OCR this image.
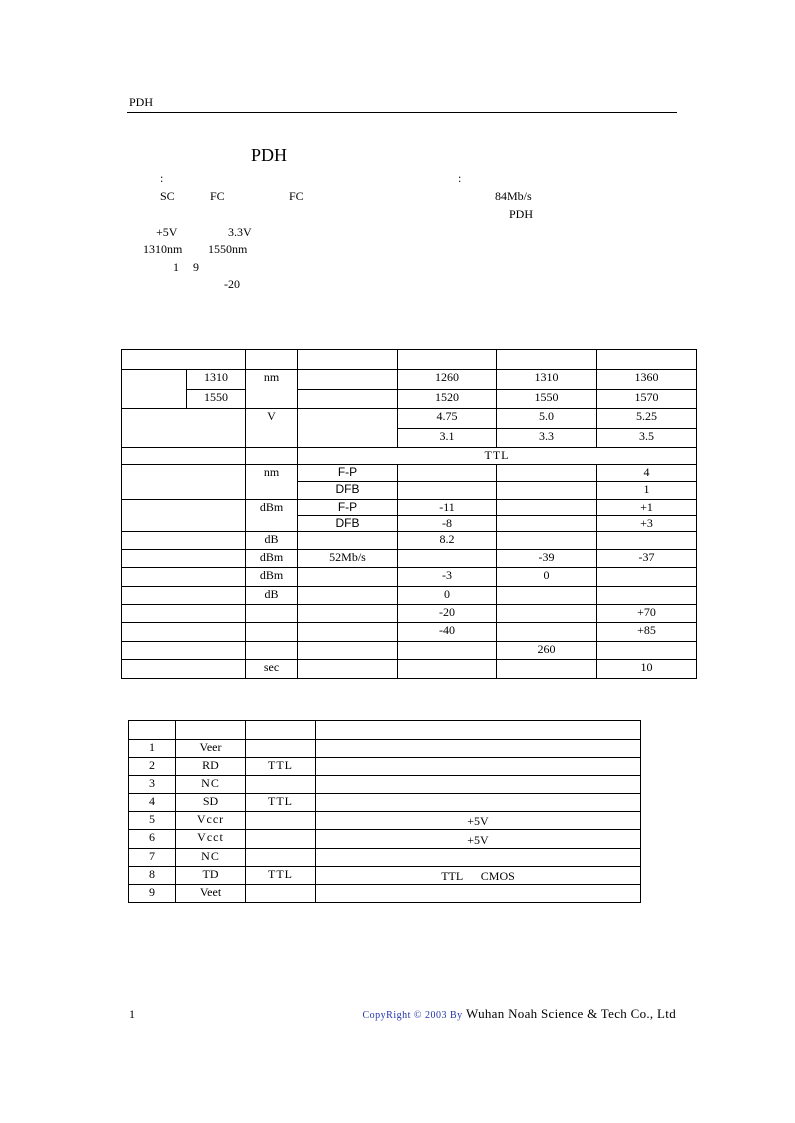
PDH
PDH
:	:
SC	FC	FC	84Mb/s
PDH
+5V	3.3V
1310nm 1550nm
1 9
-20

	1310	nm		1260	1310	1360
	1550			1520	1550	1570
		V		4.75	5.0	5.25
				3.1	3.3	3.5
			TTL			
		nm	F-P			4
			DFB			1
		dBm	F-P	-11		+1
			DFB	-8		+3
		dB		8.2		
		dBm	52Mb/s		-39	-37
		dBm		-3	0	
		dB		0		
				-20		+70
				-40		+85
					260	
		sec				10

1	Veer		
2	RD	TTL	
3	NC		
4	SD	TTL	
5	Vccr		+5V
6	Vcct		+5V
7	NC		
8	TD	TTL	TTL      CMOS
9	Veet		
1	CopyRight © 2003 By Wuhan Noah Science & Tech Co., Ltd
